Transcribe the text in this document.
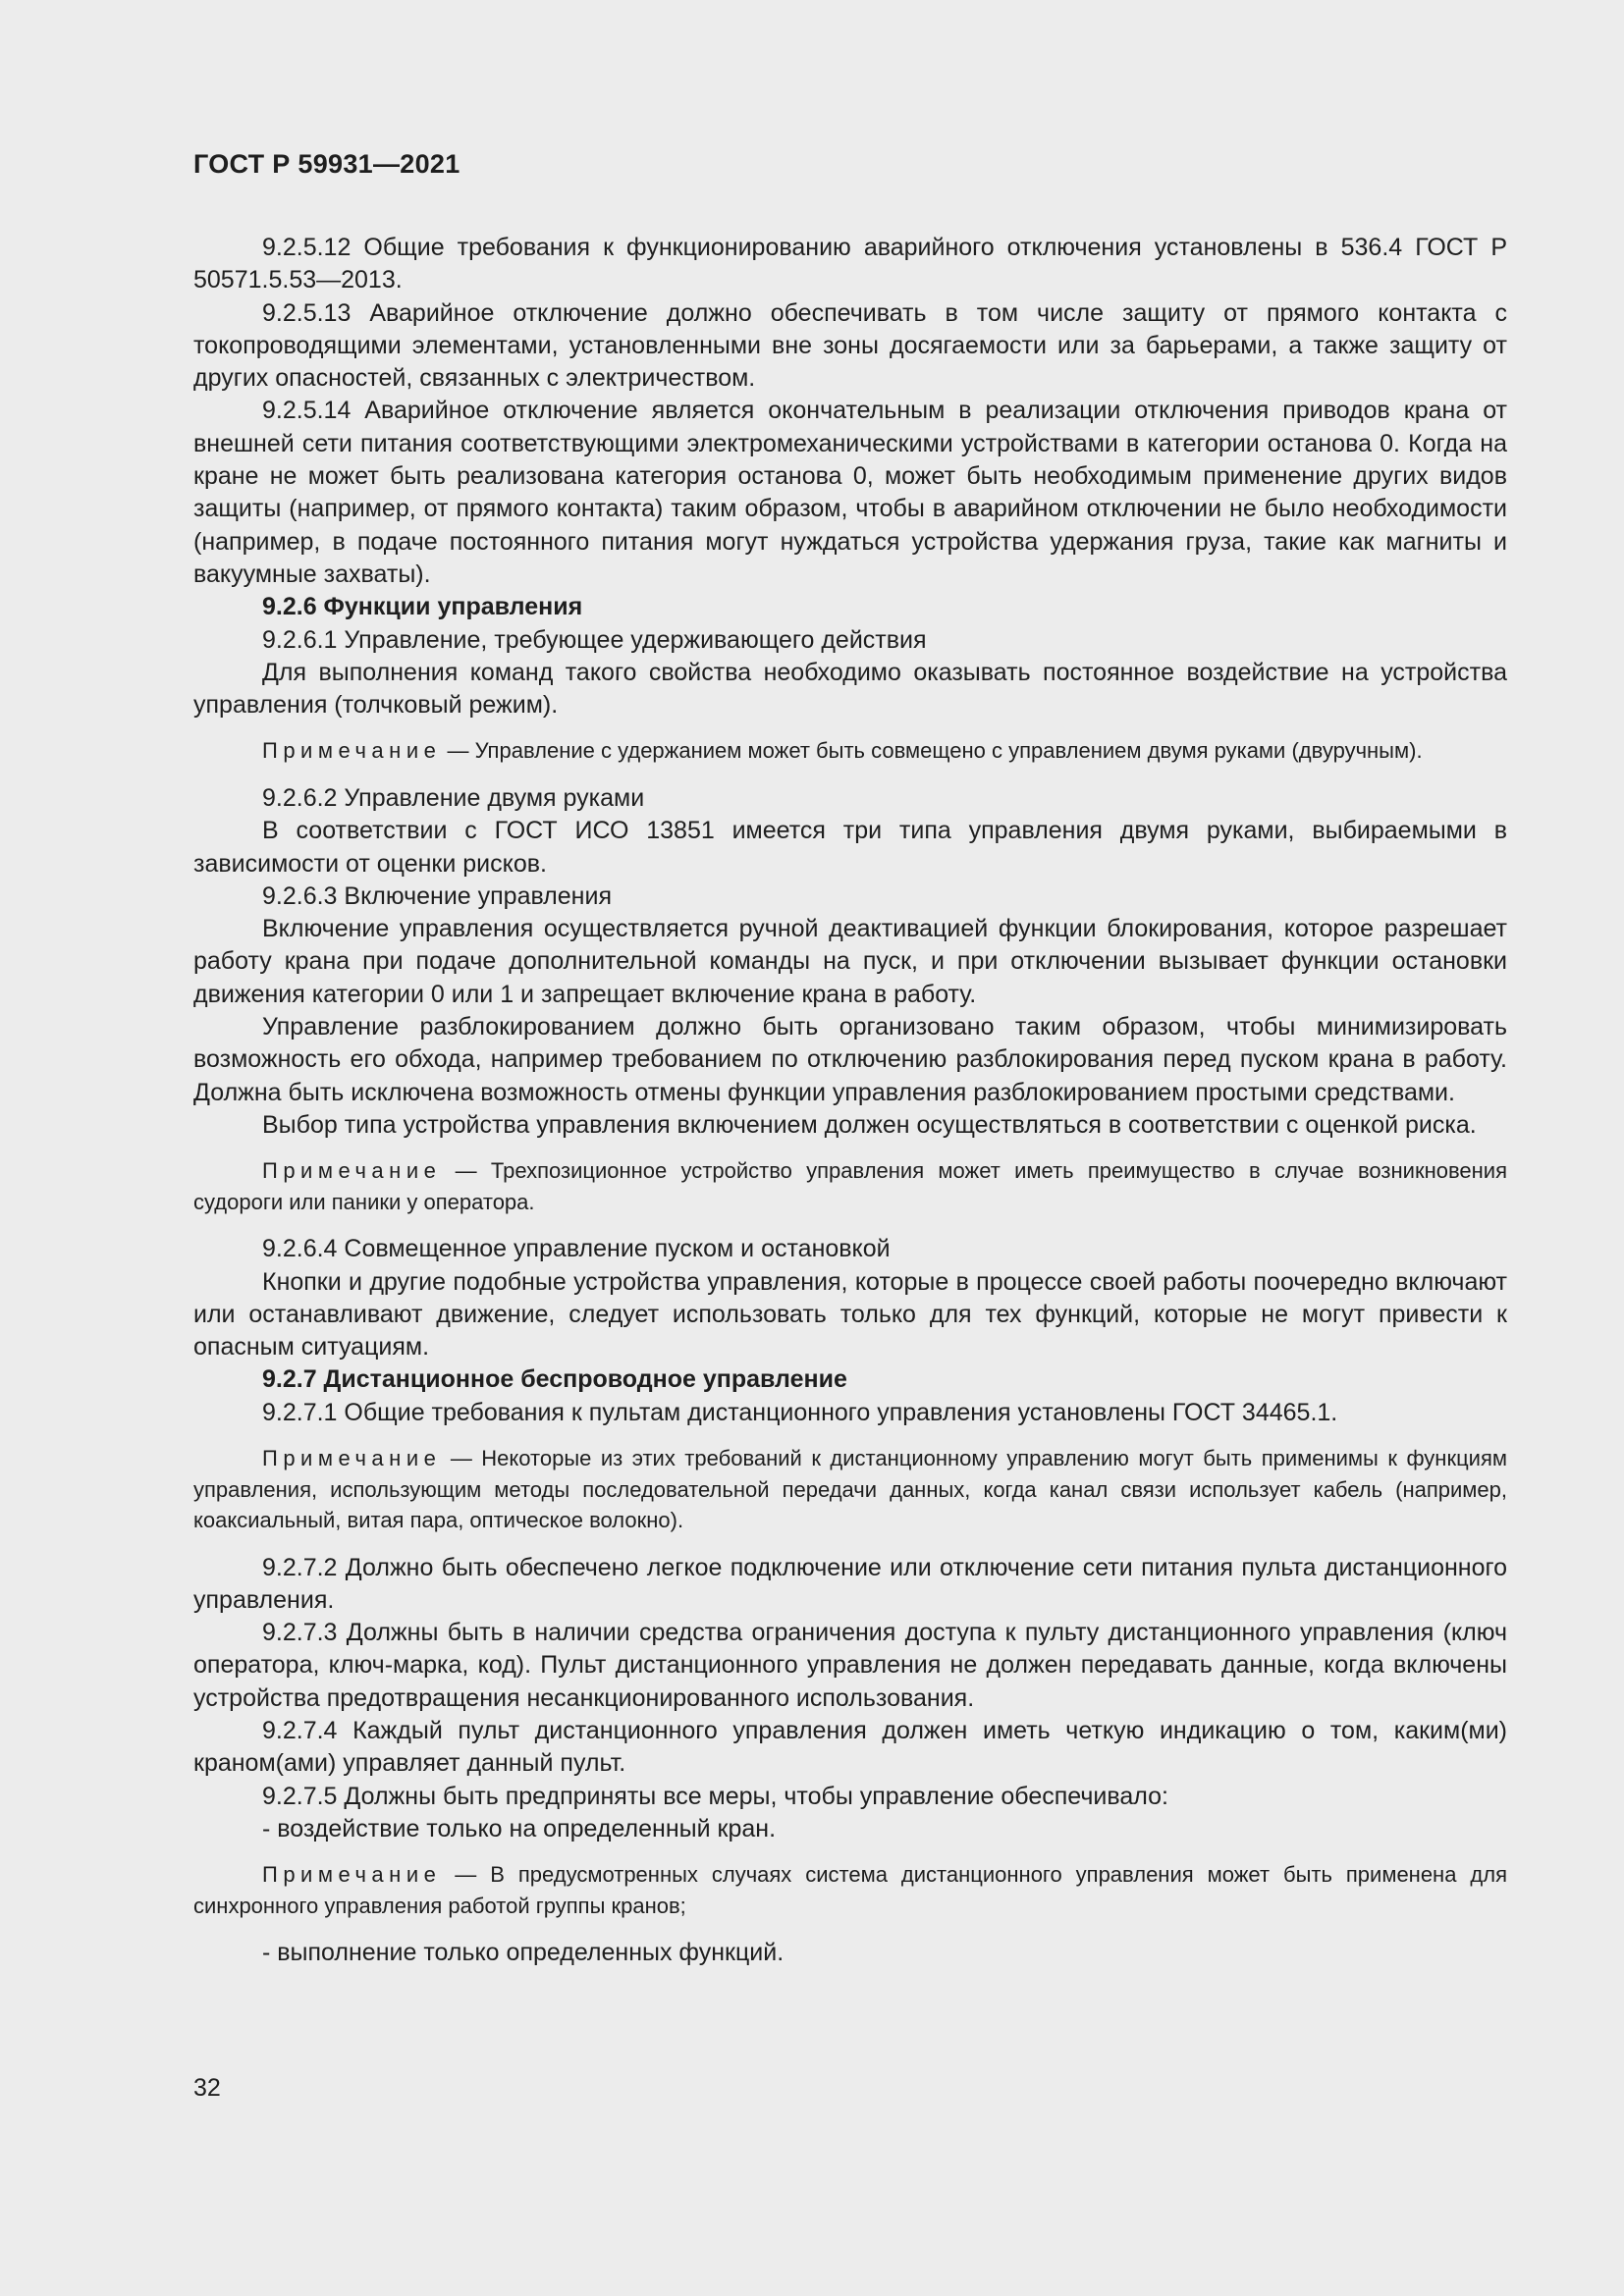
ГОСТ Р 59931—2021

9.2.5.12 Общие требования к функционированию аварийного отключения установлены в 536.4 ГОСТ Р 50571.5.53—2013.

9.2.5.13 Аварийное отключение должно обеспечивать в том числе защиту от прямого контакта с токопроводящими элементами, установленными вне зоны досягаемости или за барьерами, а также защиту от других опасностей, связанных с электричеством.

9.2.5.14 Аварийное отключение является окончательным в реализации отключения приводов крана от внешней сети питания соответствующими электромеханическими устройствами в категории останова 0. Когда на кране не может быть реализована категория останова 0, может быть необходимым применение других видов защиты (например, от прямого контакта) таким образом, чтобы в аварийном отключении не было необходимости (например, в подаче постоянного питания могут нуждаться устройства удержания груза, такие как магниты и вакуумные захваты).

9.2.6 Функции управления

9.2.6.1 Управление, требующее удерживающего действия

Для выполнения команд такого свойства необходимо оказывать постоянное воздействие на устройства управления (толчковый режим).

Примечание — Управление с удержанием может быть совмещено с управлением двумя руками (двуручным).

9.2.6.2 Управление двумя руками

В соответствии с ГОСТ ИСО 13851 имеется три типа управления двумя руками, выбираемыми в зависимости от оценки рисков.

9.2.6.3 Включение управления

Включение управления осуществляется ручной деактивацией функции блокирования, которое разрешает работу крана при подаче дополнительной команды на пуск, и при отключении вызывает функции остановки движения категории 0 или 1 и запрещает включение крана в работу.

Управление разблокированием должно быть организовано таким образом, чтобы минимизировать возможность его обхода, например требованием по отключению разблокирования перед пуском крана в работу. Должна быть исключена возможность отмены функции управления разблокированием простыми средствами.

Выбор типа устройства управления включением должен осуществляться в соответствии с оценкой риска.

Примечание — Трехпозиционное устройство управления может иметь преимущество в случае возникновения судороги или паники у оператора.

9.2.6.4 Совмещенное управление пуском и остановкой

Кнопки и другие подобные устройства управления, которые в процессе своей работы поочередно включают или останавливают движение, следует использовать только для тех функций, которые не могут привести к опасным ситуациям.

9.2.7 Дистанционное беспроводное управление

9.2.7.1 Общие требования к пультам дистанционного управления установлены ГОСТ 34465.1.

Примечание — Некоторые из этих требований к дистанционному управлению могут быть применимы к функциям управления, использующим методы последовательной передачи данных, когда канал связи использует кабель (например, коаксиальный, витая пара, оптическое волокно).

9.2.7.2 Должно быть обеспечено легкое подключение или отключение сети питания пульта дистанционного управления.

9.2.7.3 Должны быть в наличии средства ограничения доступа к пульту дистанционного управления (ключ оператора, ключ-марка, код). Пульт дистанционного управления не должен передавать данные, когда включены устройства предотвращения несанкционированного использования.

9.2.7.4 Каждый пульт дистанционного управления должен иметь четкую индикацию о том, каким(ми) краном(ами) управляет данный пульт.

9.2.7.5 Должны быть предприняты все меры, чтобы управление обеспечивало:

- воздействие только на определенный кран.

Примечание — В предусмотренных случаях система дистанционного управления может быть применена для синхронного управления работой группы кранов;

- выполнение только определенных функций.

32
